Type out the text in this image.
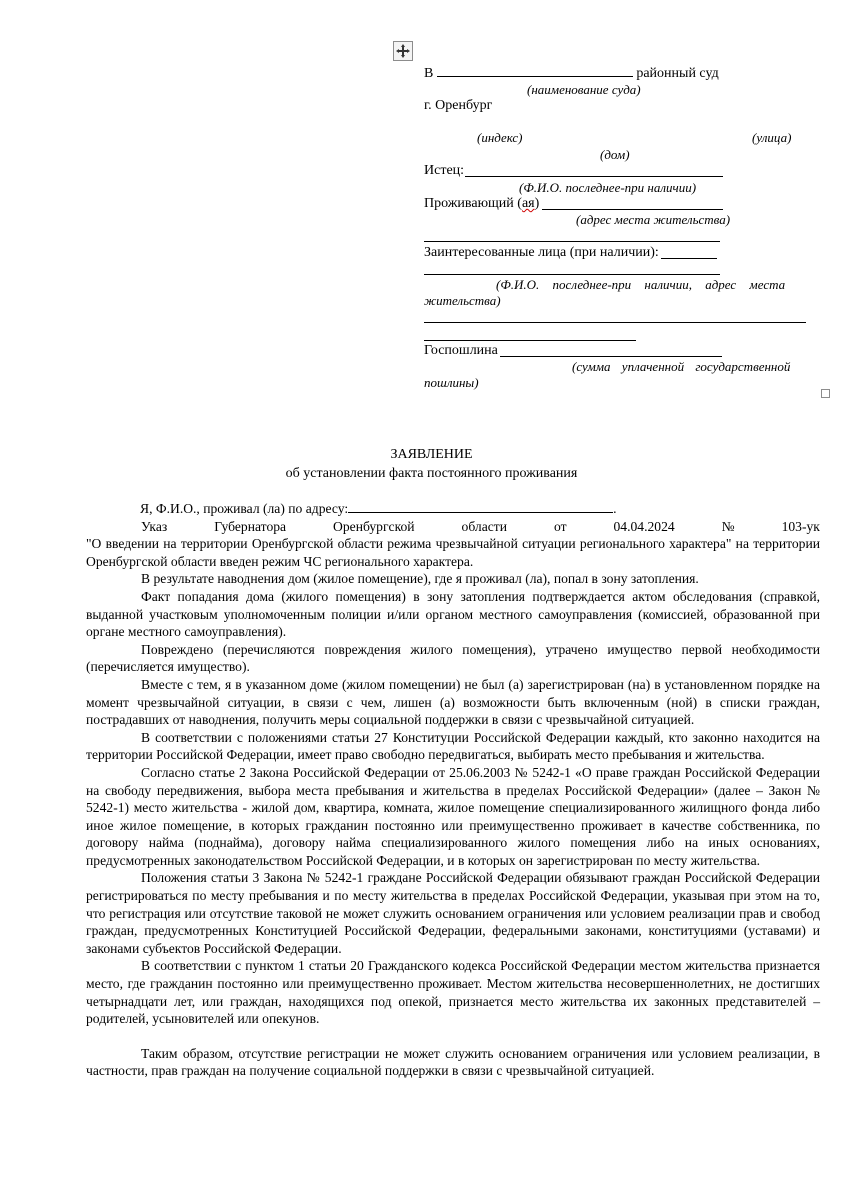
В	районный суд
(наименование суда)
г. Оренбург
(индекс)	(улица)
(дом)
Истец:
(Ф.И.О. последнее-при наличии)
Проживающий (ая)
(адрес места жительства)
Заинтересованные лица (при наличии):
(Ф.И.О. последнее-при наличии, адрес места
жительства)
Госпошлина
(сумма уплаченной государственной
пошлины)
ЗАЯВЛЕНИЕ
об установлении факта постоянного проживания

Я, Ф.И.О., проживал (ла) по адресу:	.

Указ	Губернатора	Оренбургской	области	от	04.04.2024	№	103-ук

"О введении на территории Оренбургской области режима чрезвычайной ситуации регионального характера" на территории Оренбургской области введен режим ЧС регионального характера.

В результате наводнения дом (жилое помещение), где я проживал (ла), попал в зону затопления.

Факт попадания дома (жилого помещения) в зону затопления подтверждается актом обследования (справкой, выданной участковым уполномоченным полиции и/или органом местного самоуправления (комиссией, образованной при органе местного самоуправления).

Повреждено (перечисляются повреждения жилого помещения), утрачено имущество первой необходимости (перечисляется имущество).

Вместе с тем, я в указанном доме (жилом помещении) не был (а) зарегистрирован (на) в установленном порядке на момент чрезвычайной ситуации, в связи с чем, лишен (а) возможности быть включенным (ной) в списки граждан, пострадавших от наводнения, получить меры социальной поддержки в связи с чрезвычайной ситуацией.

В соответствии с положениями статьи 27 Конституции Российской Федерации каждый, кто законно находится на территории Российской Федерации, имеет право свободно передвигаться, выбирать место пребывания и жительства.

Согласно статье 2 Закона Российской Федерации от 25.06.2003 № 5242-1 «О праве граждан Российской Федерации на свободу передвижения, выбора места пребывания и жительства в пределах Российской Федерации» (далее – Закон № 5242-1) место жительства - жилой дом, квартира, комната, жилое помещение специализированного жилищного фонда либо иное жилое помещение, в которых гражданин постоянно или преимущественно проживает в качестве собственника, по договору найма (поднайма), договору найма специализированного жилого помещения либо на иных основаниях, предусмотренных законодательством Российской Федерации, и в которых он зарегистрирован по месту жительства.

Положения статьи 3 Закона № 5242-1 граждане Российской Федерации обязывают граждан Российской Федерации регистрироваться по месту пребывания и по месту жительства в пределах Российской Федерации, указывая при этом на то, что регистрация или отсутствие таковой не может служить основанием ограничения или условием реализации прав и свобод граждан, предусмотренных Конституцией Российской Федерации, федеральными законами, конституциями (уставами) и законами субъектов Российской Федерации.

В соответствии с пунктом 1 статьи 20 Гражданского кодекса Российской Федерации местом жительства признается место, где гражданин постоянно или преимущественно проживает. Местом жительства несовершеннолетних, не достигших четырнадцати лет, или граждан, находящихся под опекой, признается место жительства их законных представителей – родителей, усыновителей или опекунов.

Таким образом, отсутствие регистрации не может служить основанием ограничения или условием реализации, в частности, прав граждан на получение социальной поддержки в связи с чрезвычайной ситуацией.
